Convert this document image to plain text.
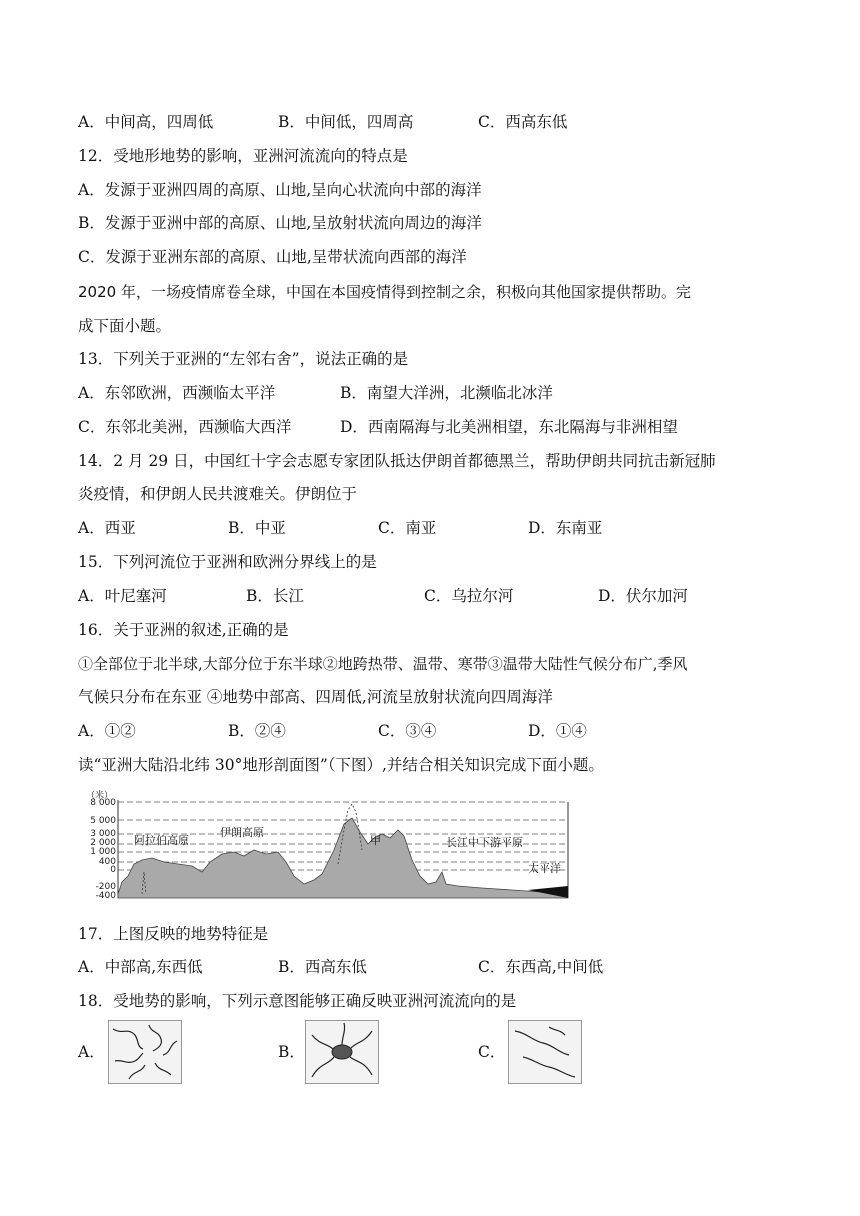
A．中间高，四周低	B．中间低，四周高	C．西高东低
12．受地形地势的影响，亚洲河流流向的特点是
A．发源于亚洲四周的高原、山地,呈向心状流向中部的海洋
B．发源于亚洲中部的高原、山地,呈放射状流向周边的海洋
C．发源于亚洲东部的高原、山地,呈带状流向西部的海洋
2020 年，一场疫情席卷全球，中国在本国疫情得到控制之余，积极向其他国家提供帮助。完
成下面小题。
13．下列关于亚洲的“左邻右舍”，说法正确的是
A．东邻欧洲，西濒临太平洋	B．南望大洋洲，北濒临北冰洋
C．东邻北美洲，西濒临大西洋	D．西南隔海与北美洲相望，东北隔海与非洲相望
14．2 月 29 日，中国红十字会志愿专家团队抵达伊朗首都德黑兰，帮助伊朗共同抗击新冠肺
炎疫情，和伊朗人民共渡难关。伊朗位于
A．西亚	B．中亚	C．南亚	D．东南亚
15．下列河流位于亚洲和欧洲分界线上的是
A．叶尼塞河	B．长江	C．乌拉尔河	D．伏尔加河
16．关于亚洲的叙述,正确的是
①全部位于北半球,大部分位于东半球②地跨热带、温带、寒带③温带大陆性气候分布广,季风
气候只分布在东亚 ④地势中部高、四周低,河流呈放射状流向四周海洋
A．①②	B．②④	C．③④	D．①④
读“亚洲大陆沿北纬 30°地形剖面图”（下图）,并结合相关知识完成下面小题。
（米）
8 000
5 000
3 000
2 000
1 000
400
0
-200
-400
阿拉伯高原
伊朗高原
甲	长江中下游平原
太平洋
17．上图反映的地势特征是
A．中部高,东西低	B．西高东低	C．东西高,中间低
18．受地势的影响，下列示意图能够正确反映亚洲河流流向的是
A．	B．	C．
